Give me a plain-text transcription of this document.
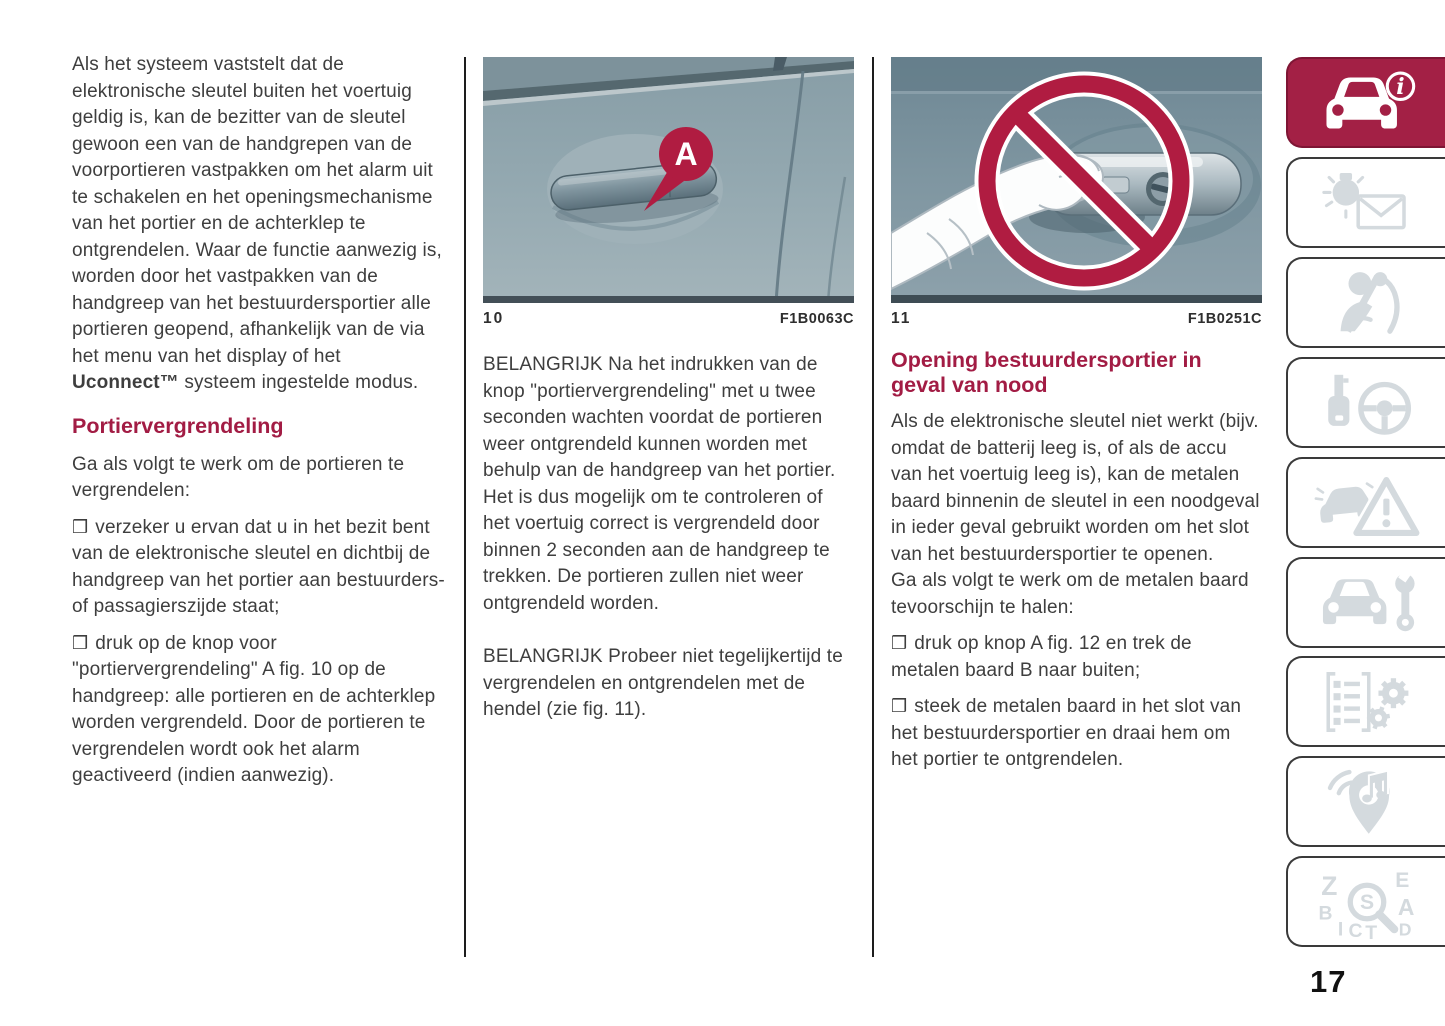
Als het systeem vaststelt dat de elektronische sleutel buiten het voertuig geldig is, kan de bezitter van de sleutel gewoon een van de handgrepen van de voorportieren vastpakken om het alarm uit te schakelen en het openingsmechanisme van het portier en de achterklep te ontgrendelen. Waar de functie aanwezig is, worden door het vastpakken van de handgreep van het bestuurdersportier alle portieren geopend, afhankelijk van de via het menu van het display of het Uconnect™ systeem ingestelde modus.

Portiervergrendeling

Ga als volgt te werk om de portieren te vergrendelen:

❒ verzeker u ervan dat u in het bezit bent van de elektronische sleutel en dichtbij de handgreep van het portier aan bestuurders- of passagierszijde staat;

❒ druk op de knop voor "portiervergrendeling" A fig. 10 op de handgreep: alle portieren en de achterklep worden vergrendeld. Door de portieren te vergrendelen wordt ook het alarm geactiveerd (indien aanwezig).

A
10	F1B0063C

BELANGRIJK Na het indrukken van de knop "portiervergrendeling" met u twee seconden wachten voordat de portieren weer ontgrendeld kunnen worden met behulp van de handgreep van het portier. Het is dus mogelijk om te controleren of het voertuig correct is vergrendeld door binnen 2 seconden aan de handgreep te trekken. De portieren zullen niet weer ontgrendeld worden.

BELANGRIJK Probeer niet tegelijkertijd te vergrendelen en ontgrendelen met de hendel (zie fig. 11).

11	F1B0251C
Opening bestuurdersportier in geval van nood

Als de elektronische sleutel niet werkt (bijv. omdat de batterij leeg is, of als de accu van het voertuig leeg is), kan de metalen baard binnenin de sleutel in een noodgeval in ieder geval gebruikt worden om het slot van het bestuurdersportier te openen.

Ga als volgt te werk om de metalen baard tevoorschijn te halen:

❒ druk op knop A fig. 12 en trek de metalen baard B naar buiten;

❒ steek de metalen baard in het slot van het bestuurdersportier en draai hem om het portier te ontgrendelen.

i
Z E
B	A
I C T D
S
17
